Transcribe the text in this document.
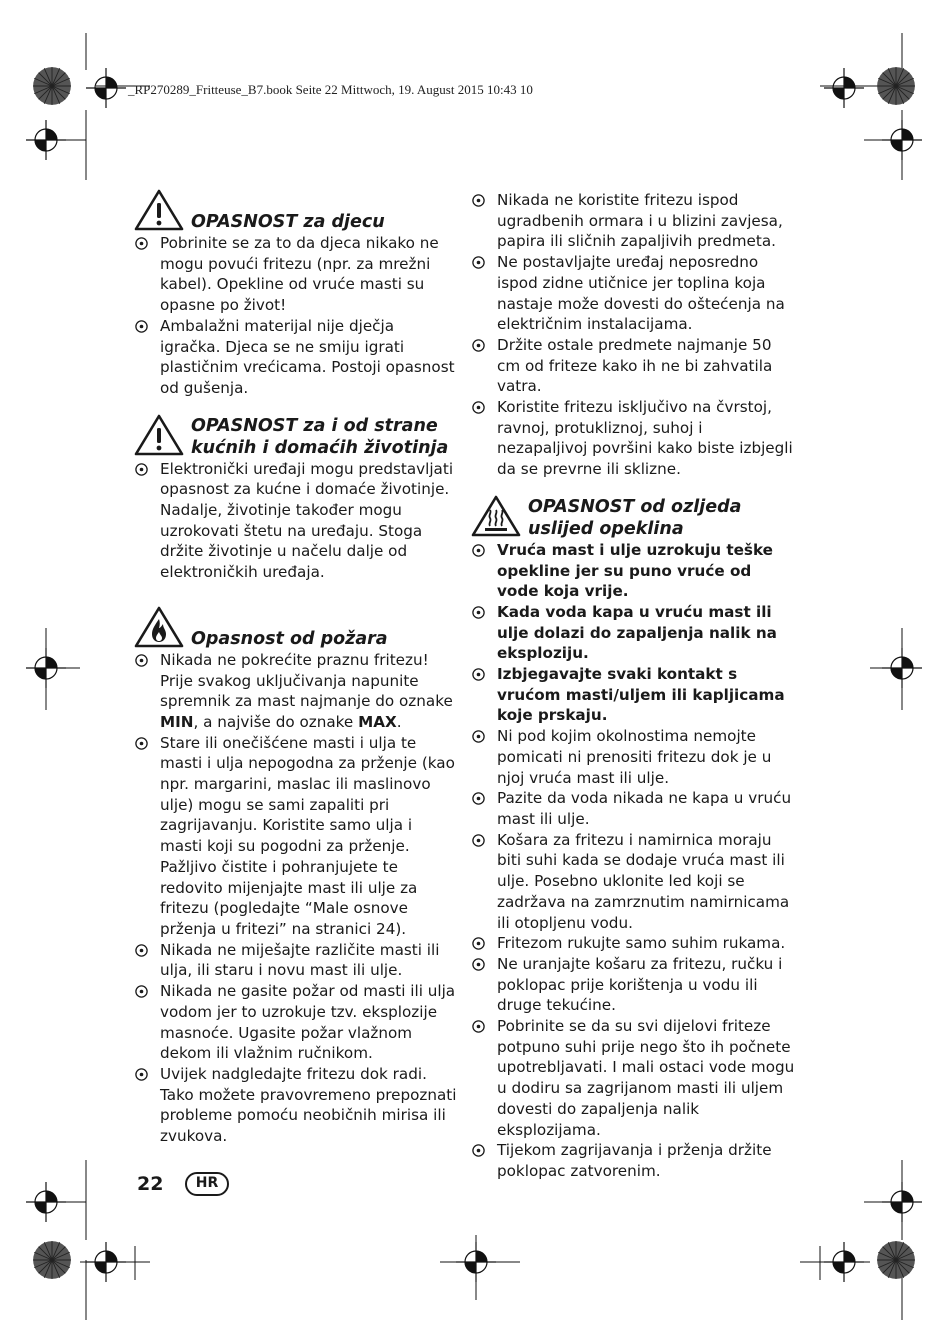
_RP270289_Fritteuse_B7.book Seite 22 Mittwoch, 19. August 2015 10:43 10
OPASNOST za djecu
Pobrinite se za to da djeca nikako ne mogu povući fritezu (npr. za mrežni kabel). Opekline od vruće masti su opasne po život!
Ambalažni materijal nije dječja igračka. Djeca se ne smiju igrati plastičnim vrećicama. Postoji opasnost od gušenja.
OPASNOST za i od strane
kućnih i domaćih životinja
Elektronički uređaji mogu predstavljati opasnost za kućne i domaće životinje. Nadalje, životinje također mogu uzrokovati štetu na uređaju. Stoga držite životinje u načelu dalje od elektroničkih uređaja.
Opasnost od požara
Nikada ne pokrećite praznu fritezu! Prije svakog uključivanja napunite spremnik za mast najmanje do oznake MIN, a najviše do oznake MAX.
Stare ili onečišćene masti i ulja te masti i ulja nepogodna za prženje (kao npr. margarini, maslac ili maslinovo ulje) mogu se sami zapaliti pri zagrijavanju. Koristite samo ulja i masti koji su pogodni za prženje. Pažljivo čistite i pohranjujete te redovito mijenjajte mast ili ulje za fritezu (pogledajte “Male osnove prženja u fritezi” na stranici 24).
Nikada ne miješajte različite masti ili ulja, ili staru i novu mast ili ulje.
Nikada ne gasite požar od masti ili ulja vodom jer to uzrokuje tzv. eksplozije masnoće. Ugasite požar vlažnom dekom ili vlažnim ručnikom.
Uvijek nadgledajte fritezu dok radi. Tako možete pravovremeno prepoznati probleme pomoću neobičnih mirisa ili zvukova.
Nikada ne koristite fritezu ispod ugradbenih ormara i u blizini zavjesa, papira ili sličnih zapaljivih predmeta.
Ne postavljajte uređaj neposredno ispod zidne utičnice jer toplina koja nastaje može dovesti do oštećenja na električnim instalacijama.
Držite ostale predmete najmanje 50 cm od friteze kako ih ne bi zahvatila vatra.
Koristite fritezu isključivo na čvrstoj, ravnoj, protukliznoj, suhoj i nezapaljivoj površini kako biste izbjegli da se prevrne ili sklizne.
OPASNOST od ozljeda
uslijed opeklina
Vruća mast i ulje uzrokuju teške opekline jer su puno vruće od vode koja vrije.
Kada voda kapa u vruću mast ili ulje dolazi do zapaljenja nalik na eksploziju.
Izbjegavajte svaki kontakt s vrućom masti/uljem ili kapljicama koje prskaju.
Ni pod kojim okolnostima nemojte pomicati ni prenositi fritezu dok je u njoj vruća mast ili ulje.
Pazite da voda nikada ne kapa u vruću mast ili ulje.
Košara za fritezu i namirnica moraju biti suhi kada se dodaje vruća mast ili ulje. Posebno uklonite led koji se zadržava na zamrznutim namirnicama ili otopljenu vodu.
Fritezom rukujte samo suhim rukama.
Ne uranjajte košaru za fritezu, ručku i poklopac prije korištenja u vodu ili druge tekućine.
Pobrinite se da su svi dijelovi friteze potpuno suhi prije nego što ih počnete upotrebljavati. I mali ostaci vode mogu u dodiru sa zagrijanom masti ili uljem dovesti do zapaljenja nalik eksplozijama.
Tijekom zagrijavanja i prženja držite poklopac zatvorenim.
22	HR
